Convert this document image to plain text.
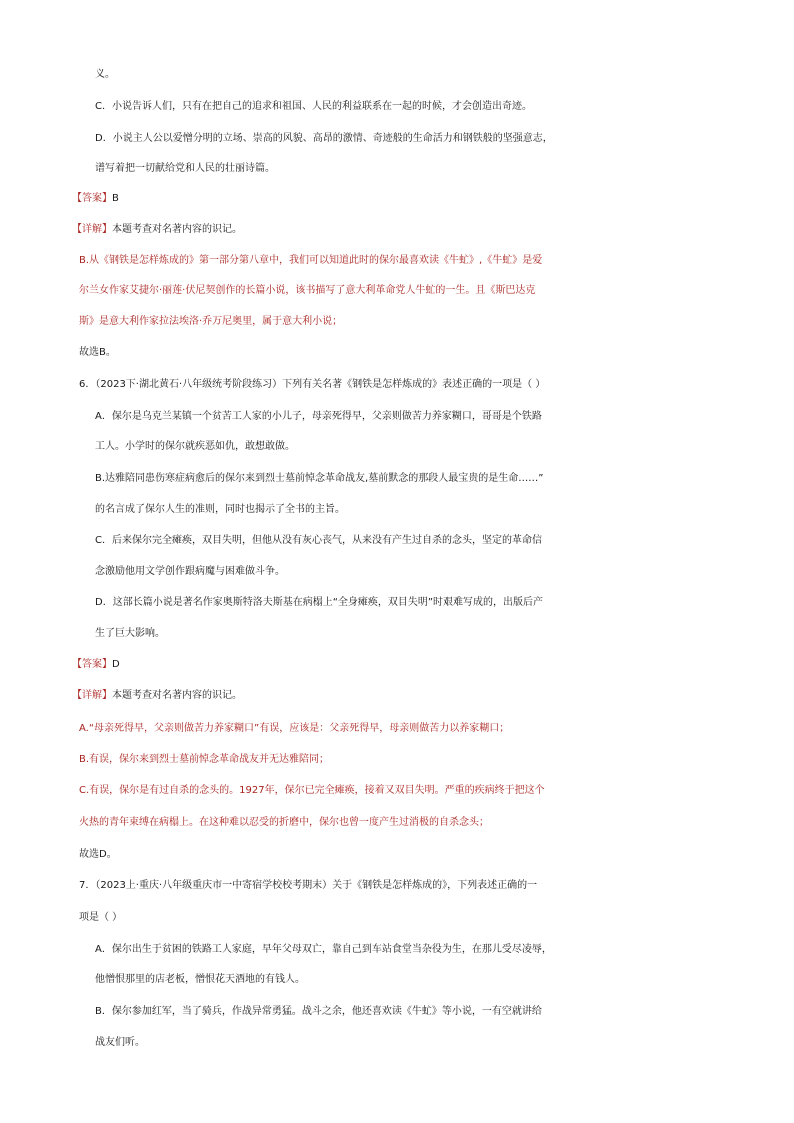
义。

C．小说告诉人们，只有在把自己的追求和祖国、人民的利益联系在一起的时候，才会创造出奇迹。

D．小说主人公以爱憎分明的立场、崇高的风貌、高昂的激情、奇迹般的生命活力和钢铁般的坚强意志，

谱写着把一切献给党和人民的壮丽诗篇。

【答案】B

【详解】本题考查对名著内容的识记。

B.从《钢铁是怎样炼成的》第一部分第八章中，我们可以知道此时的保尔最喜欢读《牛虻》,《牛虻》是爱

尔兰女作家艾捷尔·丽莲·伏尼契创作的长篇小说，该书描写了意大利革命党人牛虻的一生。且《斯巴达克

斯》是意大利作家拉法埃洛·乔万尼奥里，属于意大利小说；

故选B。

6．（2023下·湖北黄石·八年级统考阶段练习）下列有关名著《钢铁是怎样炼成的》表述正确的一项是（ ）

A．保尔是乌克兰某镇一个贫苦工人家的小儿子，母亲死得早，父亲则做苦力养家糊口，哥哥是个铁路

工人。小学时的保尔就疾恶如仇，敢想敢做。

B.达雅陪同患伤寒症病愈后的保尔来到烈士墓前悼念革命战友,墓前默念的那段人最宝贵的是生命……”

的名言成了保尔人生的准则，同时也揭示了全书的主旨。

C．后来保尔完全瘫痪，双目失明，但他从没有灰心丧气，从来没有产生过自杀的念头，坚定的革命信

念激励他用文学创作跟病魔与困难做斗争。

D．这部长篇小说是著名作家奥斯特洛夫斯基在病榻上“全身瘫痪，双目失明”时艰难写成的，出版后产

生了巨大影响。

【答案】D

【详解】本题考查对名著内容的识记。

A.“母亲死得早，父亲则做苦力养家糊口”有误，应该是：父亲死得早，母亲则做苦力以养家糊口；

B.有误，保尔来到烈士墓前悼念革命战友并无达雅陪同；

C.有误，保尔是有过自杀的念头的。1927年，保尔已完全瘫痪，接着又双目失明。严重的疾病终于把这个

火热的青年束缚在病榻上。在这种难以忍受的折磨中，保尔也曾一度产生过消极的自杀念头；

故选D。

7．（2023上·重庆·八年级重庆市一中寄宿学校校考期末）关于《钢铁是怎样炼成的》，下列表述正确的一

项是（ ）

A．保尔出生于贫困的铁路工人家庭，早年父母双亡，靠自己到车站食堂当杂役为生，在那儿受尽凌辱，

他憎恨那里的店老板，憎恨花天酒地的有钱人。

B．保尔参加红军，当了骑兵，作战异常勇猛。战斗之余，他还喜欢读《牛虻》等小说，一有空就讲给

战友们听。
